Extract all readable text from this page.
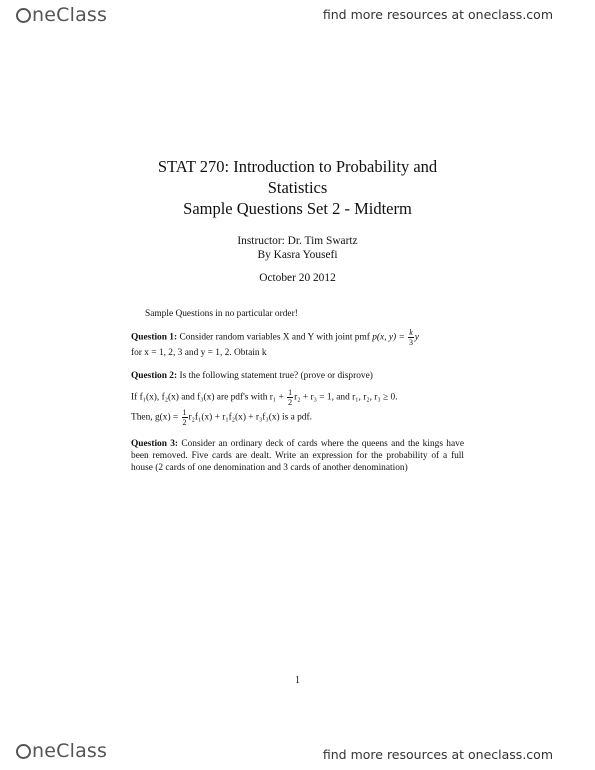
neClass	find more resources at oneclass.com
STAT 270: Introduction to Probability and
Statistics
Sample Questions Set 2 - Midterm
Instructor: Dr. Tim Swartz
By Kasra Yousefi
October 20 2012
Sample Questions in no particular order!
Question 1: Consider random variables X and Y with joint pmf p(x, $y) = \frac{k}{3}$ y
for x = 1, 2, 3 and y = 1, 2. Obtain k
Question 2: Is the following statement true? (prove or disprove)
If f₁(x), f₂(x) and f₃(x) are pdf's with $r_1 + \frac{1}{2} r_2 + r_3 = 1$, and r₁, r₂, r₃ ≥ 0.
Then, $g(x) = \frac{1}{2} r_2f_1(x) + r_1f_2(x) + r_3f_3(x)$ is a pdf.
Question 3: Consider an ordinary deck of cards where the queens and the kings have been removed. Five cards are dealt. Write an expression for the probability of a full house (2 cards of one denomination and 3 cards of another denomination)
1
neClass	find more resources at oneclass.com
